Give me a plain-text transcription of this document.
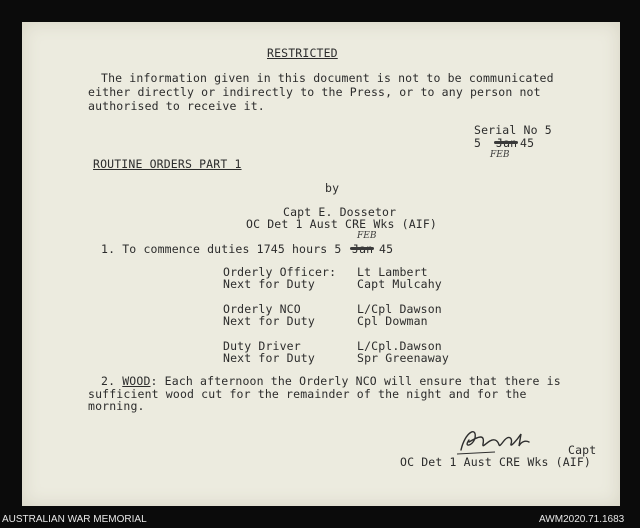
RESTRICTED
The information given in this document is not to be communicated
either directly or indirectly to the Press, or to any person not
authorised to receive it.
Serial No 5
5	45
FEB
ROUTINE ORDERS PART 1
by
Capt E. Dossetor
OC Det 1 Aust CRE Wks (AIF)
1. To commence duties 1745 hours 5
FEB
45
Orderly Officer: Lt Lambert
Next for Duty	Capt Mulcahy
Orderly NCO	L/Cpl Dawson
Next for Duty	Cpl Dowman
Duty Driver	L/Cpl.Dawson
Next for Duty	Spr Greenaway
2. WOOD: Each afternoon the Orderly NCO will ensure that there is
sufficient wood cut for the remainder of the night and for the
morning.
Capt
OC Det 1 Aust CRE Wks (AIF)
AUSTRALIAN WAR MEMORIAL	AWM2020.71.1683
